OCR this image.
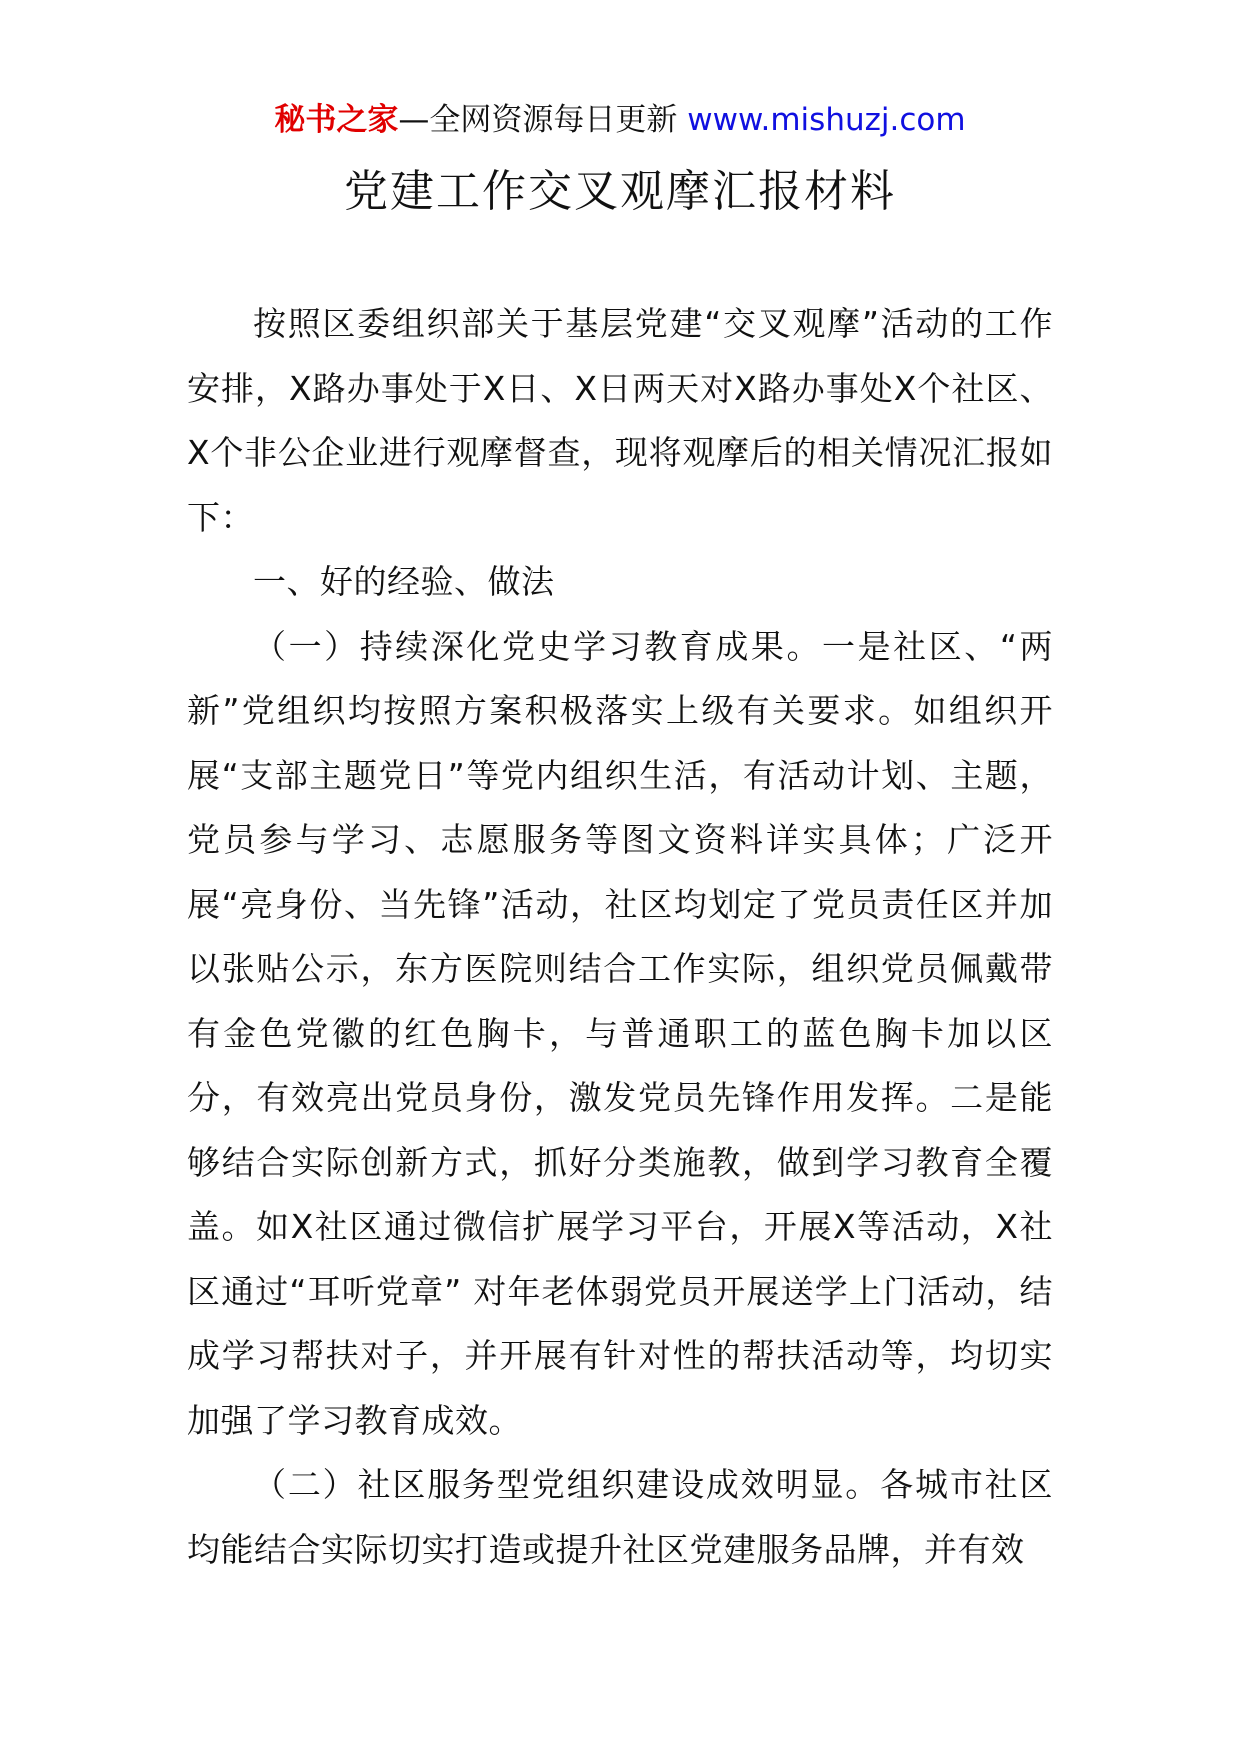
秘书之家—全网资源每日更新 www.mishuzj.com
党建工作交叉观摩汇报材料

按照区委组织部关于基层党建“交叉观摩”活动的工作安排，X路办事处于X日、X日两天对X路办事处X个社区、X个非公企业进行观摩督查，现将观摩后的相关情况汇报如下：

一、好的经验、做法

（一）持续深化党史学习教育成果。一是社区、“两新”党组织均按照方案积极落实上级有关要求。如组织开展“支部主题党日”等党内组织生活，有活动计划、主题，党员参与学习、志愿服务等图文资料详实具体；广泛开展“亮身份、当先锋”活动，社区均划定了党员责任区并加以张贴公示，东方医院则结合工作实际，组织党员佩戴带有金色党徽的红色胸卡，与普通职工的蓝色胸卡加以区分，有效亮出党员身份，激发党员先锋作用发挥。二是能够结合实际创新方式，抓好分类施教，做到学习教育全覆盖。如X社区通过微信扩展学习平台，开展X等活动，X社区通过“耳听党章” 对年老体弱党员开展送学上门活动，结成学习帮扶对子，并开展有针对性的帮扶活动等，均切实加强了学习教育成效。

（二）社区服务型党组织建设成效明显。各城市社区均能结合实际切实打造或提升社区党建服务品牌，并有效
